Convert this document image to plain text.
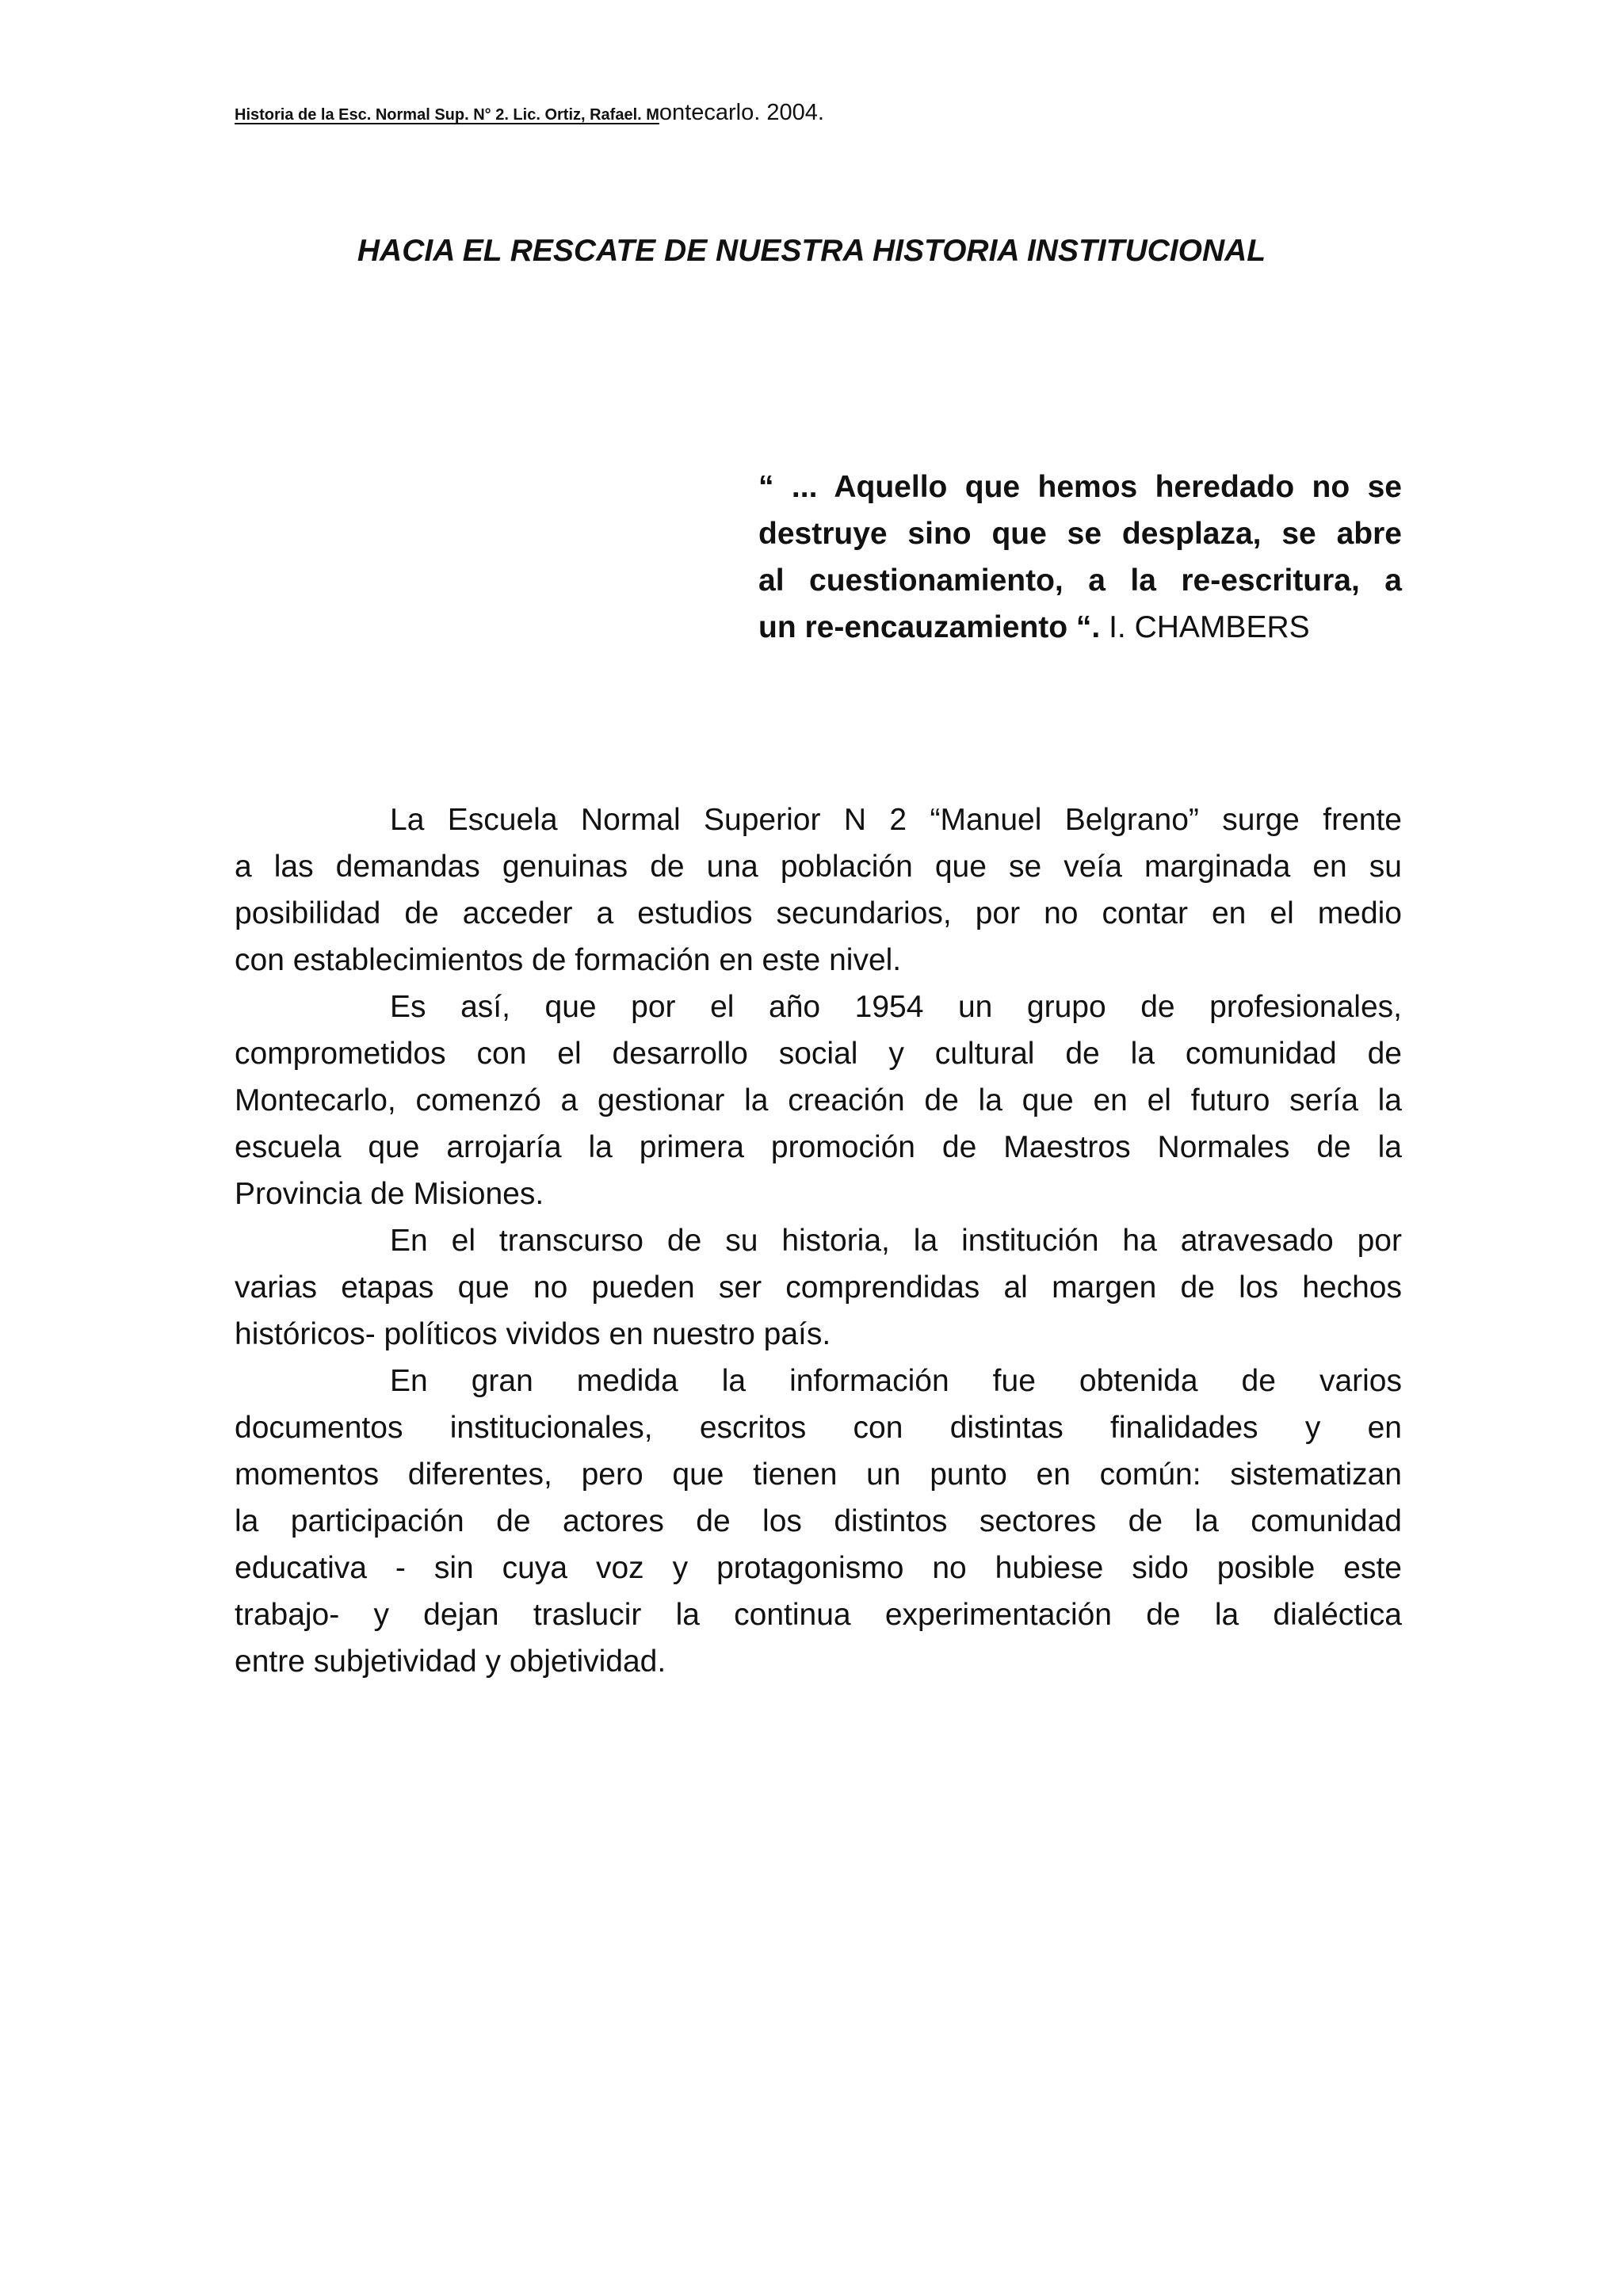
Historia de la Esc. Normal Sup. N° 2. Lic. Ortiz, Rafael. Montecarlo. 2004.
HACIA EL RESCATE DE NUESTRA HISTORIA INSTITUCIONAL
“ ... Aquello que hemos heredado no se
destruye sino que se desplaza, se abre
al cuestionamiento, a la re-escritura, a
un re-encauzamiento “. I. CHAMBERS
La Escuela Normal Superior N 2 “Manuel Belgrano” surge frente
a las demandas genuinas de una población que se veía marginada en su
posibilidad de acceder a estudios secundarios, por no contar en el medio
con establecimientos de formación en este nivel.
Es así, que por el año 1954 un grupo de profesionales,
comprometidos con el desarrollo social y cultural de la comunidad de
Montecarlo, comenzó a gestionar la creación de la que en el futuro sería la
escuela que arrojaría la primera promoción de Maestros Normales de la
Provincia de Misiones.
En el transcurso de su historia, la institución ha atravesado por
varias etapas que no pueden ser comprendidas al margen de los hechos
históricos- políticos vividos en nuestro país.
En gran medida la información fue obtenida de varios
documentos institucionales, escritos con distintas finalidades y en
momentos diferentes, pero que tienen un punto en común: sistematizan
la participación de actores de los distintos sectores de la comunidad
educativa - sin cuya voz y protagonismo no hubiese sido posible este
trabajo- y dejan traslucir la continua experimentación de la dialéctica
entre subjetividad y objetividad.
